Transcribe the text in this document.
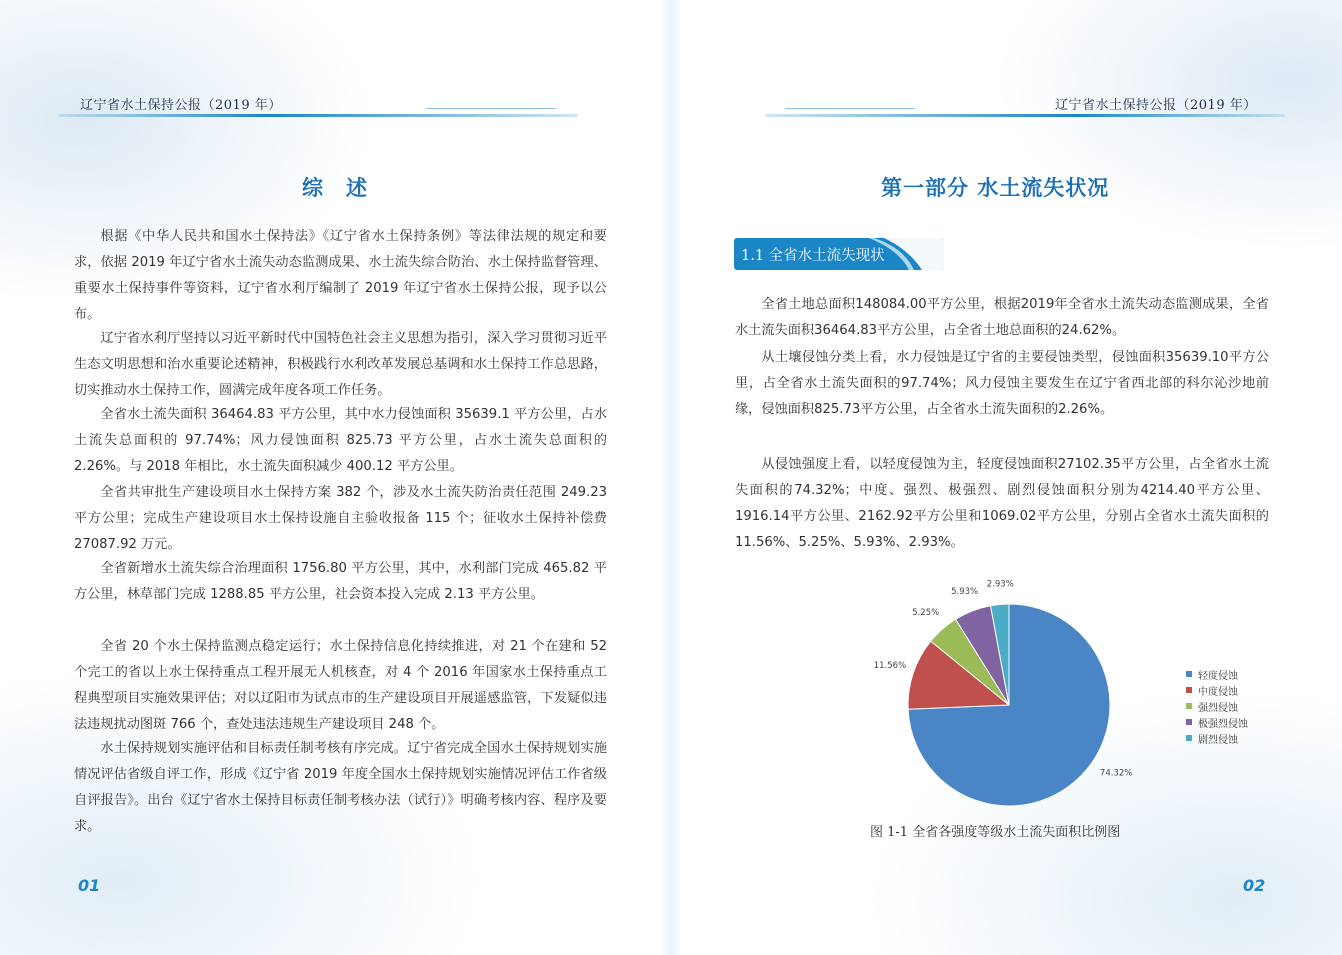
辽宁省水土保持公报（2019 年）
综　述

根据《中华人民共和国水土保持法》《辽宁省水土保持条例》等法律法规的规定和要求，依据 2019 年辽宁省水土流失动态监测成果、水土流失综合防治、水土保持监督管理、重要水土保持事件等资料，辽宁省水利厅编制了 2019 年辽宁省水土保持公报，现予以公布。

辽宁省水利厅坚持以习近平新时代中国特色社会主义思想为指引，深入学习贯彻习近平生态文明思想和治水重要论述精神，积极践行水利改革发展总基调和水土保持工作总思路，切实推动水土保持工作，圆满完成年度各项工作任务。

全省水土流失面积 36464.83 平方公里，其中水力侵蚀面积 35639.1 平方公里，占水土流失总面积的 97.74%；风力侵蚀面积 825.73 平方公里，占水土流失总面积的 2.26%。与 2018 年相比，水土流失面积减少 400.12 平方公里。

全省共审批生产建设项目水土保持方案 382 个，涉及水土流失防治责任范围 249.23 平方公里；完成生产建设项目水土保持设施自主验收报备 115 个；征收水土保持补偿费 27087.92 万元。

全省新增水土流失综合治理面积 1756.80 平方公里，其中，水利部门完成 465.82 平方公里，林草部门完成 1288.85 平方公里，社会资本投入完成 2.13 平方公里。

全省 20 个水土保持监测点稳定运行；水土保持信息化持续推进，对 21 个在建和 52 个完工的省以上水土保持重点工程开展无人机核查，对 4 个 2016 年国家水土保持重点工程典型项目实施效果评估；对以辽阳市为试点市的生产建设项目开展遥感监管，下发疑似违法违规扰动图斑 766 个，查处违法违规生产建设项目 248 个。

水土保持规划实施评估和目标责任制考核有序完成。辽宁省完成全国水土保持规划实施情况评估省级自评工作，形成《辽宁省 2019 年度全国水土保持规划实施情况评估工作省级自评报告》。出台《辽宁省水土保持目标责任制考核办法（试行）》明确考核内容、程序及要求。

01
辽宁省水土保持公报（2019 年）
第一部分 水土流失状况
1.1 全省水土流失现状

全省土地总面积148084.00平方公里，根据2019年全省水土流失动态监测成果，全省水土流失面积36464.83平方公里，占全省土地总面积的24.62%。

从土壤侵蚀分类上看，水力侵蚀是辽宁省的主要侵蚀类型，侵蚀面积35639.10平方公里，占全省水土流失面积的97.74%；风力侵蚀主要发生在辽宁省西北部的科尔沁沙地前缘，侵蚀面积825.73平方公里，占全省水土流失面积的2.26%。

从侵蚀强度上看，以轻度侵蚀为主，轻度侵蚀面积27102.35平方公里，占全省水土流失面积的74.32%；中度、强烈、极强烈、剧烈侵蚀面积分别为4214.40平方公里、1916.14平方公里、2162.92平方公里和1069.02平方公里，分别占全省水土流失面积的11.56%、5.25%、5.93%、2.93%。

74.32%
11.56%
5.25%
5.93%
2.93%
轻度侵蚀
中度侵蚀
强烈侵蚀
极强烈侵蚀
剧烈侵蚀
图 1-1 全省各强度等级水土流失面积比例图
02
